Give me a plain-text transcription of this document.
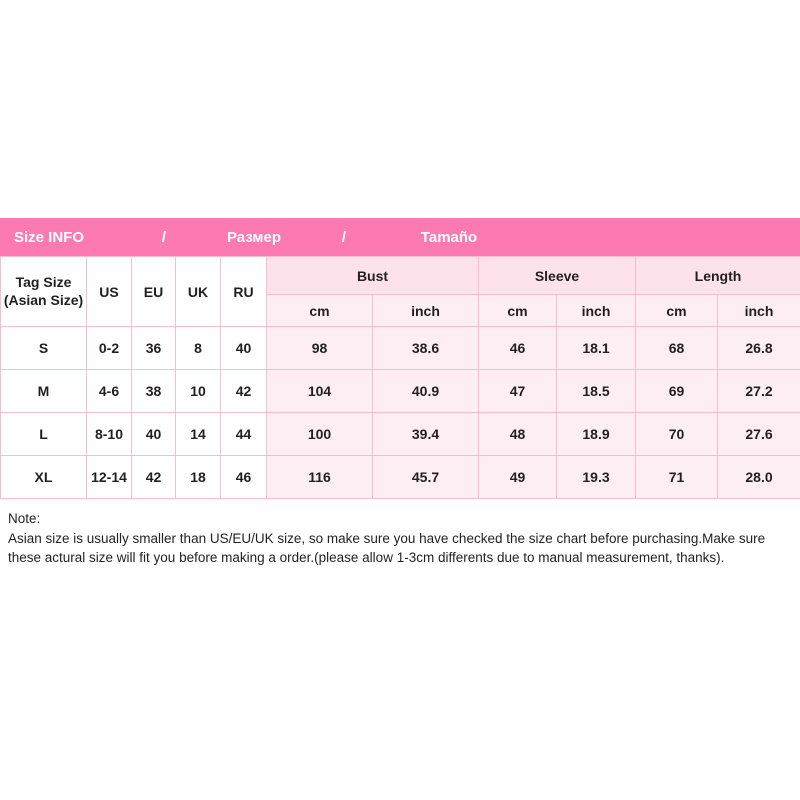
Size INFO	/	Размер	/	Tamaño
Tag Size
(Asian Size)	US	EU	UK	RU	Bust		Sleeve		Length	
					cm	inch	cm	inch	cm	inch
S	0-2	36	8	40	98	38.6	46	18.1	68	26.8
M	4-6	38	10	42	104	40.9	47	18.5	69	27.2
L	8-10	40	14	44	100	39.4	48	18.9	70	27.6
XL	12-14	42	18	46	116	45.7	49	19.3	71	28.0
Note:
Asian size is usually smaller than US/EU/UK size, so make sure you have checked the size chart before purchasing.Make sure these actural size will fit you before making a order.(please allow 1-3cm differents due to manual measurement, thanks).
